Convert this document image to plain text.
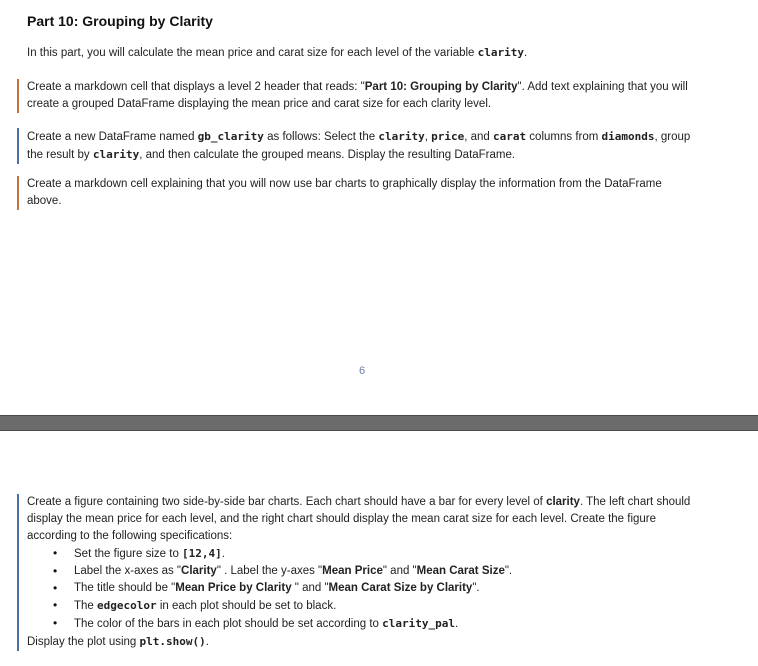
Part 10: Grouping by Clarity
In this part, you will calculate the mean price and carat size for each level of the variable clarity.
Create a markdown cell that displays a level 2 header that reads: "Part 10: Grouping by Clarity". Add text explaining that you will create a grouped DataFrame displaying the mean price and carat size for each clarity level.
Create a new DataFrame named gb_clarity as follows: Select the clarity, price, and carat columns from diamonds, group the result by clarity, and then calculate the grouped means. Display the resulting DataFrame.
Create a markdown cell explaining that you will now use bar charts to graphically display the information from the DataFrame above.
6
Create a figure containing two side-by-side bar charts. Each chart should have a bar for every level of clarity. The left chart should display the mean price for each level, and the right chart should display the mean carat size for each level. Create the figure according to the following specifications:
• Set the figure size to [12,4].
• Label the x-axes as "Clarity" . Label the y-axes "Mean Price" and "Mean Carat Size".
• The title should be "Mean Price by Clarity " and "Mean Carat Size by Clarity".
• The edgecolor in each plot should be set to black.
• The color of the bars in each plot should be set according to clarity_pal.
Display the plot using plt.show().
